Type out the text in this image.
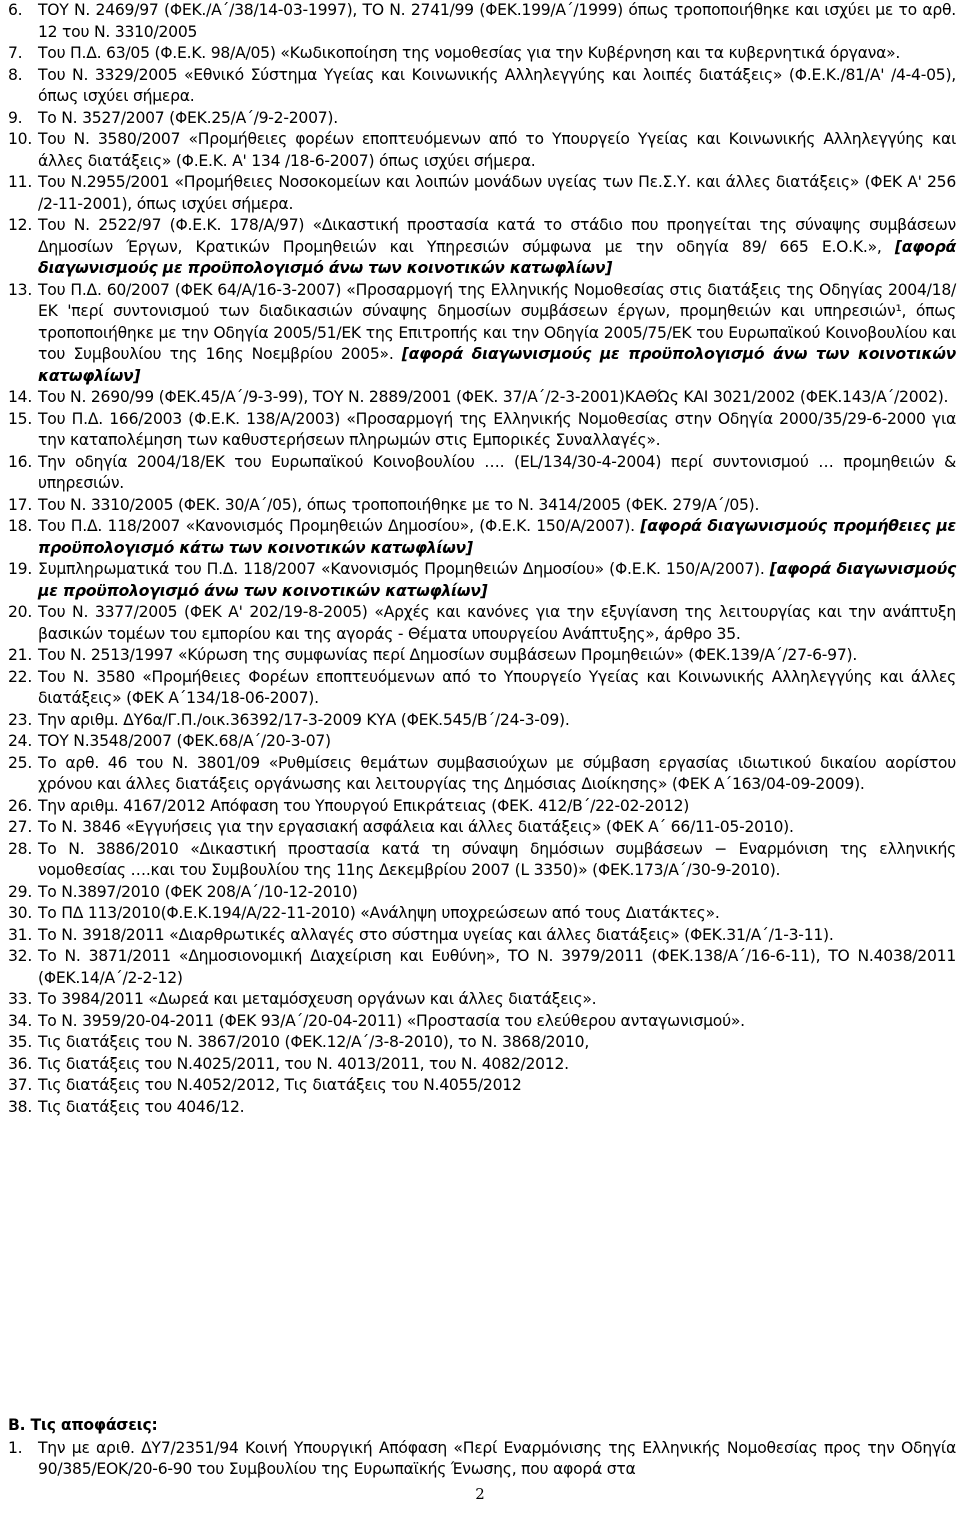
6.	ΤΟΥ Ν. 2469/97 (ΦΕΚ./Α΄/38/14-03-1997), ΤΟ Ν. 2741/99 (ΦΕΚ.199/Α΄/1999) όπως τροποποιήθηκε και ισχύει με το αρθ. 12 του Ν. 3310/2005
7.	Του Π.Δ. 63/05 (Φ.Ε.Κ. 98/Α/05) «Κωδικοποίηση της νομοθεσίας για την Κυβέρνηση και τα κυβερνητικά όργανα».
8.	Του Ν. 3329/2005 «Εθνικό Σύστημα Υγείας και Κοινωνικής Αλληλεγγύης και λοιπές διατάξεις» (Φ.Ε.Κ./81/Α' /4-4-05), όπως ισχύει σήμερα.
9.	Το Ν. 3527/2007 (ΦΕΚ.25/Α΄/9-2-2007).
10. Του Ν. 3580/2007 «Προμήθειες φορέων εποπτευόμενων από το Υπουργείο Υγείας και Κοινωνικής Αλληλεγγύης και άλλες διατάξεις» (Φ.Ε.Κ. Α' 134 /18-6-2007) όπως ισχύει σήμερα.
11. Του Ν.2955/2001 «Προμήθειες Νοσοκομείων και λοιπών μονάδων υγείας των Πε.Σ.Υ. και άλλες διατάξεις» (ΦΕΚ Α' 256 /2-11-2001), όπως ισχύει σήμερα.
12. Του Ν. 2522/97 (Φ.Ε.Κ. 178/Α/97) «Δικαστική προστασία κατά το στάδιο που προηγείται της σύναψης συμβάσεων Δημοσίων Έργων, Κρατικών Προμηθειών και Υπηρεσιών σύμφωνα με την οδηγία 89/ 665 Ε.Ο.Κ.», [αφορά διαγωνισμούς με προϋπολογισμό άνω των κοινοτικών κατωφλίων]
13. Του Π.Δ. 60/2007 (ΦΕΚ 64/Α/16-3-2007) «Προσαρμογή της Ελληνικής Νομοθεσίας στις διατάξεις της Οδηγίας 2004/18/ΕΚ 'περί συντονισμού των διαδικασιών σύναψης δημοσίων συμβάσεων έργων, προμηθειών και υπηρεσιών¹, όπως τροποποιήθηκε με την Οδηγία 2005/51/ΕΚ της Επιτροπής και την Οδηγία 2005/75/ΕΚ του Ευρωπαϊκού Κοινοβουλίου και του Συμβουλίου της 16ης Νοεμβρίου 2005». [αφορά διαγωνισμούς με προϋπολογισμό άνω των κοινοτικών κατωφλίων]
14. Του Ν. 2690/99 (ΦΕΚ.45/Α΄/9-3-99), ΤΟΥ Ν. 2889/2001 (ΦΕΚ. 37/Α΄/2-3-2001)ΚΑΘΏς ΚΑΙ 3021/2002 (ΦΕΚ.143/Α΄/2002).
15. Του Π.Δ. 166/2003 (Φ.Ε.Κ. 138/Α/2003) «Προσαρμογή της Ελληνικής Νομοθεσίας στην Οδηγία 2000/35/29-6-2000 για την καταπολέμηση των καθυστερήσεων πληρωμών στις Εμπορικές Συναλλαγές».
16. Την οδηγία 2004/18/ΕΚ του Ευρωπαϊκού Κοινοβουλίου …. (EL/134/30-4-2004) περί συντονισμού … προμηθειών & υπηρεσιών.
17. Του Ν. 3310/2005 (ΦΕΚ. 30/Α΄/05), όπως τροποποιήθηκε με το Ν. 3414/2005 (ΦΕΚ. 279/Α΄/05).
18. Του Π.Δ. 118/2007 «Κανονισμός Προμηθειών Δημοσίου», (Φ.Ε.Κ. 150/Α/2007). [αφορά διαγωνισμούς προμήθειες με προϋπολογισμό κάτω των κοινοτικών κατωφλίων]
19. Συμπληρωματικά του Π.Δ. 118/2007 «Κανονισμός Προμηθειών Δημοσίου» (Φ.Ε.Κ. 150/Α/2007). [αφορά διαγωνισμούς με προϋπολογισμό άνω των κοινοτικών κατωφλίων]
20. Του Ν. 3377/2005 (ΦΕΚ Α' 202/19-8-2005) «Αρχές και κανόνες για την εξυγίανση της λειτουργίας και την ανάπτυξη βασικών τομέων του εμπορίου και της αγοράς - Θέματα υπουργείου Ανάπτυξης», άρθρο 35.
21. Του Ν. 2513/1997 «Κύρωση της συμφωνίας περί Δημοσίων συμβάσεων Προμηθειών» (ΦΕΚ.139/Α΄/27-6-97).
22. Του Ν. 3580 «Προμήθειες Φορέων εποπτευόμενων από το Υπουργείο Υγείας και Κοινωνικής Αλληλεγγύης και άλλες διατάξεις» (ΦΕΚ Α΄134/18-06-2007).
23. Την αριθμ. ΔΥ6α/Γ.Π./οικ.36392/17-3-2009 ΚΥΑ (ΦΕΚ.545/Β΄/24-3-09).
24. ΤΟΥ Ν.3548/2007 (ΦΕΚ.68/Α΄/20-3-07)
25. Το αρθ. 46 του Ν. 3801/09 «Ρυθμίσεις θεμάτων συμβασιούχων με σύμβαση εργασίας ιδιωτικού δικαίου αορίστου χρόνου και άλλες διατάξεις οργάνωσης και λειτουργίας της Δημόσιας Διοίκησης» (ΦΕΚ Α΄163/04-09-2009).
26. Την αριθμ. 4167/2012 Απόφαση του Υπουργού Επικράτειας (ΦΕΚ. 412/Β΄/22-02-2012)
27. Το Ν. 3846 «Εγγυήσεις για την εργασιακή ασφάλεια και άλλες διατάξεις» (ΦΕΚ Α΄ 66/11-05-2010).
28. Το Ν. 3886/2010 «Δικαστική προστασία κατά τη σύναψη δημόσιων συμβάσεων − Εναρμόνιση της ελληνικής νομοθεσίας ….και του Συμβουλίου της 11ης Δεκεμβρίου 2007 (L 3350)» (ΦΕΚ.173/Α΄/30-9-2010).
29. Το Ν.3897/2010 (ΦΕΚ 208/Α΄/10-12-2010)
30. Το ΠΔ 113/2010(Φ.Ε.Κ.194/Α/22-11-2010) «Ανάληψη υποχρεώσεων από τους Διατάκτες».
31. Το Ν. 3918/2011 «Διαρθρωτικές αλλαγές στο σύστημα υγείας και άλλες διατάξεις» (ΦΕΚ.31/Α΄/1-3-11).
32. Το Ν. 3871/2011 «Δημοσιονομική Διαχείριση και Ευθύνη», ΤΟ Ν. 3979/2011 (ΦΕΚ.138/Α΄/16-6-11), ΤΟ Ν.4038/2011 (ΦΕΚ.14/Α΄/2-2-12)
33. Το 3984/2011 «Δωρεά και μεταμόσχευση οργάνων και άλλες διατάξεις».
34. Το Ν. 3959/20-04-2011 (ΦΕΚ 93/Α΄/20-04-2011) «Προστασία του ελεύθερου ανταγωνισμού».
35. Τις διατάξεις του Ν. 3867/2010 (ΦΕΚ.12/Α΄/3-8-2010), το Ν. 3868/2010,
36. Τις διατάξεις του Ν.4025/2011, του Ν. 4013/2011, του Ν. 4082/2012.
37. Τις διατάξεις του Ν.4052/2012, Τις διατάξεις του Ν.4055/2012
38. Τις διατάξεις του 4046/12.
Β. Τις αποφάσεις:
1.	Την με αριθ. ΔΥ7/2351/94 Κοινή Υπουργική Απόφαση «Περί Εναρμόνισης της Ελληνικής Νομοθεσίας προς την Οδηγία 90/385/ΕΟΚ/20-6-90 του Συμβουλίου της Ευρωπαϊκής Ένωσης, που αφορά στα
2
